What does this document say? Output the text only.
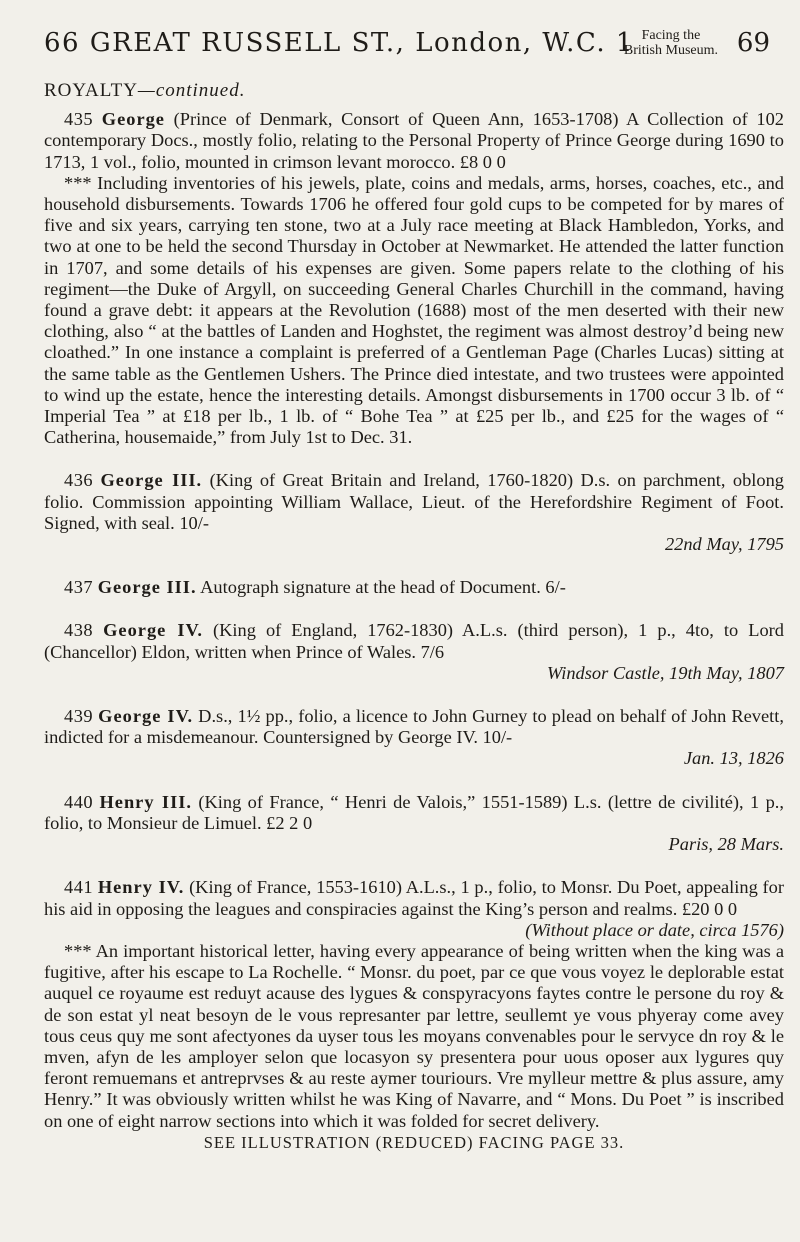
66 GREAT RUSSELL ST., London, W.C. 1 Facing the
British Museum. 69
ROYALTY—continued.

435 George (Prince of Denmark, Consort of Queen Ann, 1653-1708) A Collection of 102 contemporary Docs., mostly folio, relating to the Personal Property of Prince George during 1690 to 1713, 1 vol., folio, mounted in crimson levant morocco. £8 0 0

*** Including inventories of his jewels, plate, coins and medals, arms, horses, coaches, etc., and household disbursements. Towards 1706 he offered four gold cups to be competed for by mares of five and six years, carrying ten stone, two at a July race meeting at Black Hambledon, Yorks, and two at one to be held the second Thursday in October at Newmarket. He attended the latter function in 1707, and some details of his expenses are given. Some papers relate to the clothing of his regiment—the Duke of Argyll, on succeeding General Charles Churchill in the command, having found a grave debt: it appears at the Revolution (1688) most of the men deserted with their new clothing, also “ at the battles of Landen and Hoghstet, the regiment was almost destroy’d being new cloathed.” In one instance a complaint is preferred of a Gentleman Page (Charles Lucas) sitting at the same table as the Gentlemen Ushers. The Prince died intestate, and two trustees were appointed to wind up the estate, hence the interesting details. Amongst disbursements in 1700 occur 3 lb. of “ Imperial Tea ” at £18 per lb., 1 lb. of “ Bohe Tea ” at £25 per lb., and £25 for the wages of “ Catherina, housemaide,” from July 1st to Dec. 31.

436 George III. (King of Great Britain and Ireland, 1760-1820) D.s. on parchment, oblong folio. Commission appointing William Wallace, Lieut. of the Herefordshire Regiment of Foot. Signed, with seal. 10/-

22nd May, 1795

437 George III. Autograph signature at the head of Document. 6/-

438 George IV. (King of England, 1762-1830) A.L.s. (third person), 1 p., 4to, to Lord (Chancellor) Eldon, written when Prince of Wales. 7/6

Windsor Castle, 19th May, 1807

439 George IV. D.s., 1½ pp., folio, a licence to John Gurney to plead on behalf of John Revett, indicted for a misdemeanour. Countersigned by George IV. 10/-

Jan. 13, 1826

440 Henry III. (King of France, “ Henri de Valois,” 1551-1589) L.s. (lettre de civilité), 1 p., folio, to Monsieur de Limuel. £2 2 0

Paris, 28 Mars.

441 Henry IV. (King of France, 1553-1610) A.L.s., 1 p., folio, to Monsr. Du Poet, appealing for his aid in opposing the leagues and conspiracies against the King’s person and realms. £20 0 0

(Without place or date, circa 1576)

*** An important historical letter, having every appearance of being written when the king was a fugitive, after his escape to La Rochelle. “ Monsr. du poet, par ce que vous voyez le deplorable estat auquel ce royaume est reduyt acause des lygues & conspyracyons faytes contre le persone du roy & de son estat yl neat besoyn de le vous represanter par lettre, seullemt ye vous phyeray come avey tous ceus quy me sont afectyones da uyser tous les moyans convenables pour le servyce dn roy & le mven, afyn de les amployer selon que locasyon sy presentera pour uous oposer aux lygures quy feront remuemans et antreprvses & au reste aymer touriours. Vre mylleur mettre & plus assure, amy Henry.” It was obviously written whilst he was King of Navarre, and “ Mons. Du Poet ” is inscribed on one of eight narrow sections into which it was folded for secret delivery.

SEE ILLUSTRATION (REDUCED) FACING PAGE 33.
